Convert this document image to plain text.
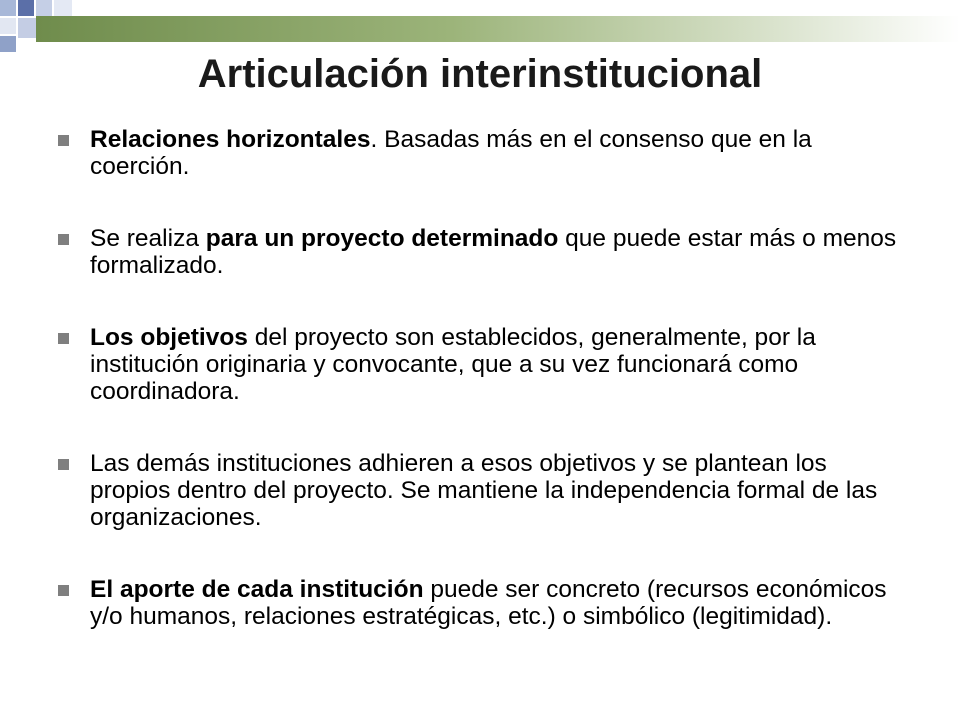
Articulación interinstitucional
Relaciones horizontales. Basadas más en el consenso que en la coerción.
Se realiza para un proyecto determinado que puede estar más o menos formalizado.
Los objetivos del proyecto son establecidos, generalmente, por la institución originaria y convocante, que a su vez funcionará como coordinadora.
Las demás instituciones adhieren a esos objetivos y se plantean los propios dentro del proyecto. Se mantiene la independencia formal de las organizaciones.
El aporte de cada institución puede ser concreto (recursos económicos y/o humanos, relaciones estratégicas, etc.) o simbólico (legitimidad).
